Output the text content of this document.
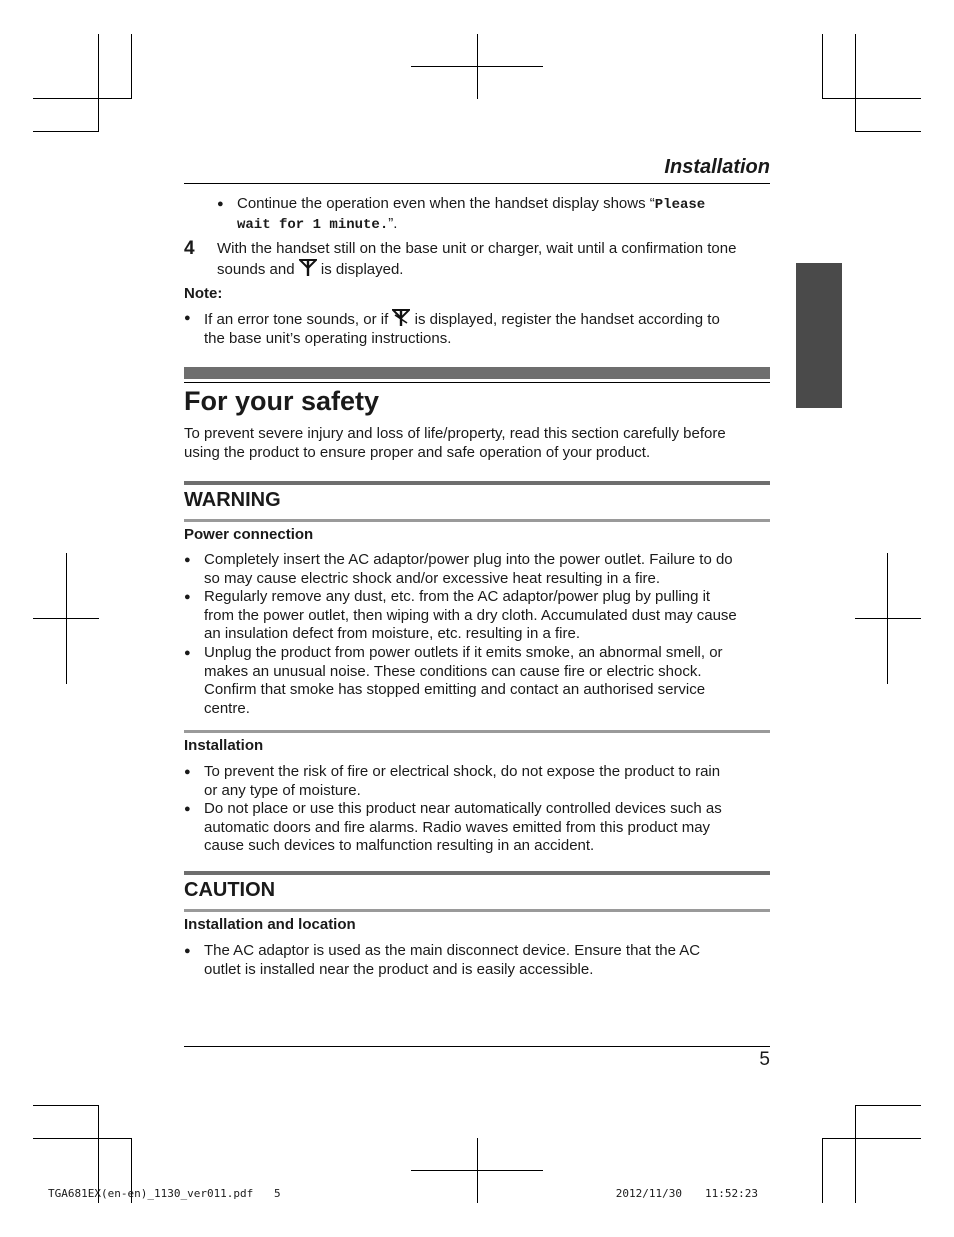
Installation
● Continue the operation even when the handset display shows “Please
wait for 1 minute.”.
4 With the handset still on the base unit or charger, wait until a confirmation tone
sounds and is displayed.
Note:
● If an error tone sounds, or if is displayed, register the handset according to
the base unit’s operating instructions.
For your safety
To prevent severe injury and loss of life/property, read this section carefully before
using the product to ensure proper and safe operation of your product.
WARNING
Power connection
● Completely insert the AC adaptor/power plug into the power outlet. Failure to do
so may cause electric shock and/or excessive heat resulting in a fire.
● Regularly remove any dust, etc. from the AC adaptor/power plug by pulling it
from the power outlet, then wiping with a dry cloth. Accumulated dust may cause
an insulation defect from moisture, etc. resulting in a fire.
● Unplug the product from power outlets if it emits smoke, an abnormal smell, or
makes an unusual noise. These conditions can cause fire or electric shock.
Confirm that smoke has stopped emitting and contact an authorised service
centre.
Installation
● To prevent the risk of fire or electrical shock, do not expose the product to rain
or any type of moisture.
● Do not place or use this product near automatically controlled devices such as
automatic doors and fire alarms. Radio waves emitted from this product may
cause such devices to malfunction resulting in an accident.
CAUTION
Installation and location
● The AC adaptor is used as the main disconnect device. Ensure that the AC
outlet is installed near the product and is easily accessible.
5
TGA681EX(en-en)_1130_ver011.pdf 5	11:52:23
2012/11/30
